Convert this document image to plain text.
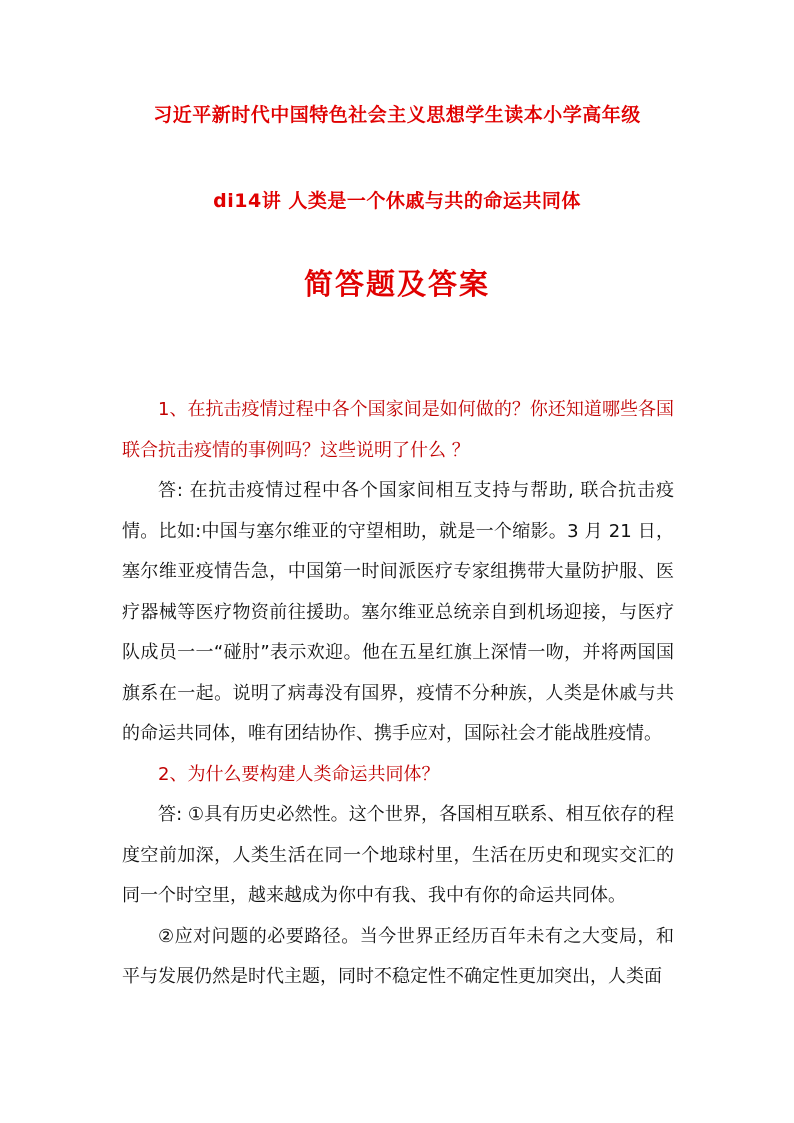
习近平新时代中国特色社会主义思想学生读本小学高年级
di14讲 人类是一个休戚与共的命运共同体
简答题及答案

1、在抗击疫情过程中各个国家间是如何做的？你还知道哪些各国联合抗击疫情的事例吗？这些说明了什么 ？

答: 在抗击疫情过程中各个国家间相互支持与帮助, 联合抗击疫情。比如:中国与塞尔维亚的守望相助，就是一个缩影。3 月 21 日，塞尔维亚疫情告急，中国第一时间派医疗专家组携带大量防护服、医疗器械等医疗物资前往援助。塞尔维亚总统亲自到机场迎接，与医疗队成员一一“碰肘”表示欢迎。他在五星红旗上深情一吻，并将两国国旗系在一起。说明了病毒没有国界，疫情不分种族，人类是休戚与共的命运共同体，唯有团结协作、携手应对，国际社会才能战胜疫情。

2、为什么要构建人类命运共同体？

答: ①具有历史必然性。这个世界，各国相互联系、相互依存的程度空前加深，人类生活在同一个地球村里，生活在历史和现实交汇的同一个时空里，越来越成为你中有我、我中有你的命运共同体。

②应对问题的必要路径。当今世界正经历百年未有之大变局，和平与发展仍然是时代主题，同时不稳定性不确定性更加突出，人类面
